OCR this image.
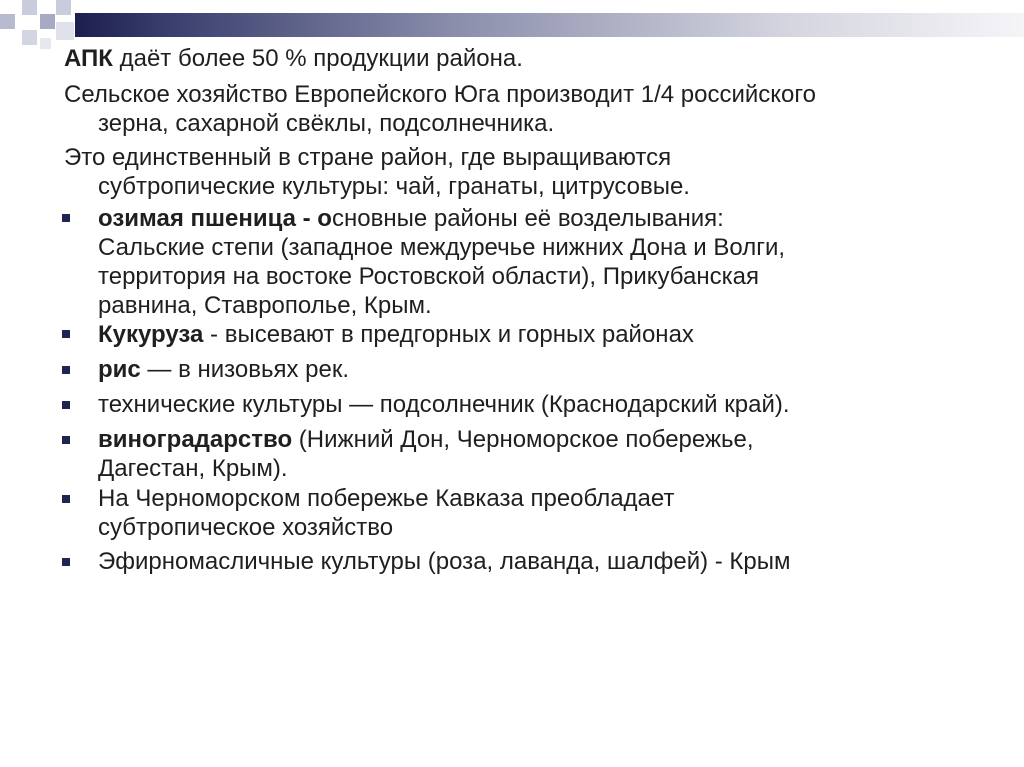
АПК даёт более 50 % продукции района.
Сельское хозяйство Европейского Юга производит 1/4 российского
зерна, сахарной свёклы, подсолнечника.
Это единственный в стране район, где выращиваются
субтропические культуры: чай, гранаты, цитрусовые.
озимая пшеница - основные районы её возделывания:
Сальские степи (западное междуречье нижних Дона и Волги,
территория на востоке Ростовской области), Прикубанская
равнина, Ставрополье, Крым.
Кукуруза - высевают в предгорных и горных районах
рис — в низовьях рек.
технические культуры — подсолнечник (Краснодарский край).
виноградарство (Нижний Дон, Черноморское побережье,
Дагестан, Крым).
На Черноморском побережье Кавказа преобладает
субтропическое хозяйство
Эфирномасличные культуры (роза, лаванда, шалфей) - Крым
